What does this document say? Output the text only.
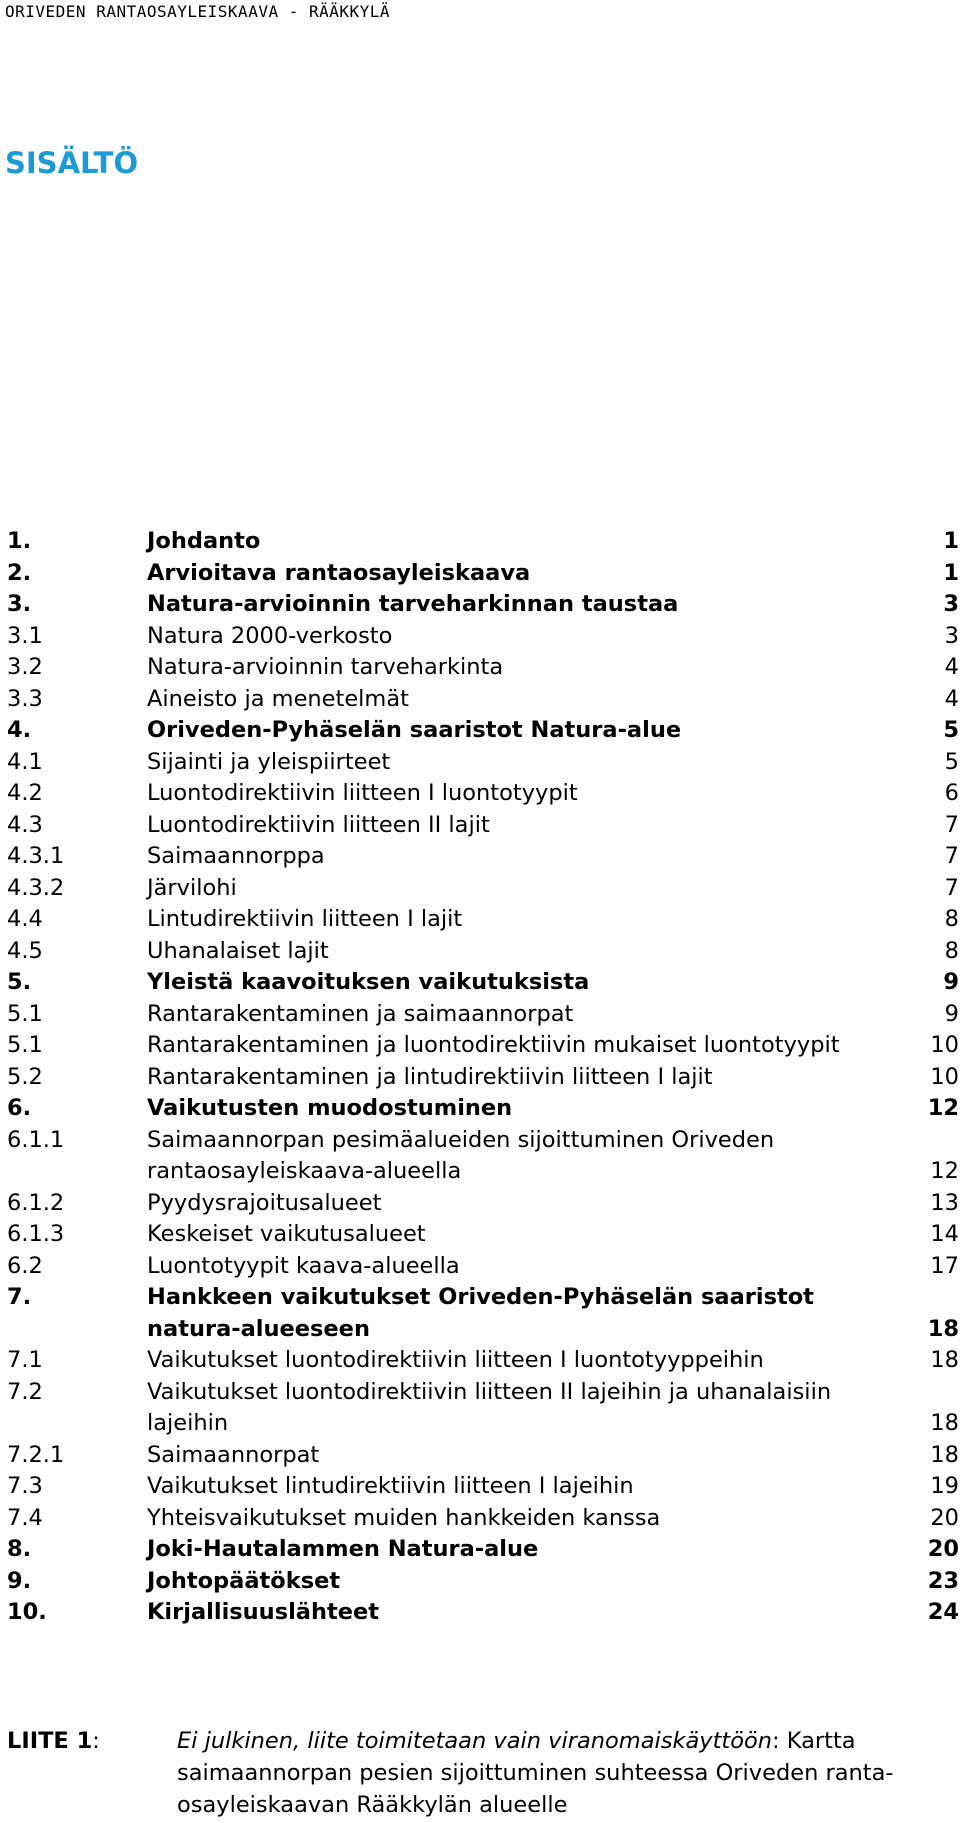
ORIVEDEN RANTAOSAYLEISKAAVA - RÄÄKKYLÄ
SISÄLTÖ
1.	Johdanto	1
2.	Arvioitava rantaosayleiskaava	1
3.	Natura-arvioinnin tarveharkinnan taustaa	3
3.1	Natura 2000-verkosto	3
3.2	Natura-arvioinnin tarveharkinta	4
3.3	Aineisto ja menetelmät	4
4.	Oriveden-Pyhäselän saaristot Natura-alue	5
4.1	Sijainti ja yleispiirteet	5
4.2	Luontodirektiivin liitteen I luontotyypit	6
4.3	Luontodirektiivin liitteen II lajit	7
4.3.1	Saimaannorppa	7
4.3.2	Järvilohi	7
4.4	Lintudirektiivin liitteen I lajit	8
4.5	Uhanalaiset lajit	8
5.	Yleistä kaavoituksen vaikutuksista	9
5.1	Rantarakentaminen ja saimaannorpat	9
5.1	Rantarakentaminen ja luontodirektiivin mukaiset luontotyypit	10
5.2	Rantarakentaminen ja lintudirektiivin liitteen I lajit	10
6.	Vaikutusten muodostuminen	12
6.1.1	Saimaannorpan pesimäalueiden sijoittuminen Oriveden
rantaosayleiskaava-alueella	12
6.1.2	Pyydysrajoitusalueet	13
6.1.3	Keskeiset vaikutusalueet	14
6.2	Luontotyypit kaava-alueella	17
7.	Hankkeen vaikutukset Oriveden-Pyhäselän saaristot
natura-alueeseen	18
7.1	Vaikutukset luontodirektiivin liitteen I luontotyyppeihin	18
7.2	Vaikutukset luontodirektiivin liitteen II lajeihin ja uhanalaisiin
lajeihin	18
7.2.1	Saimaannorpat	18
7.3	Vaikutukset lintudirektiivin liitteen I lajeihin	19
7.4	Yhteisvaikutukset muiden hankkeiden kanssa	20
8.	Joki-Hautalammen Natura-alue	20
9.	Johtopäätökset	23
10.	Kirjallisuuslähteet	24
LIITE 1:	Ei julkinen, liite toimitetaan vain viranomaiskäyttöön: Kartta saimaannorpan pesien sijoittuminen suhteessa Oriveden ranta-osayleiskaavan Rääkkylän alueelle
